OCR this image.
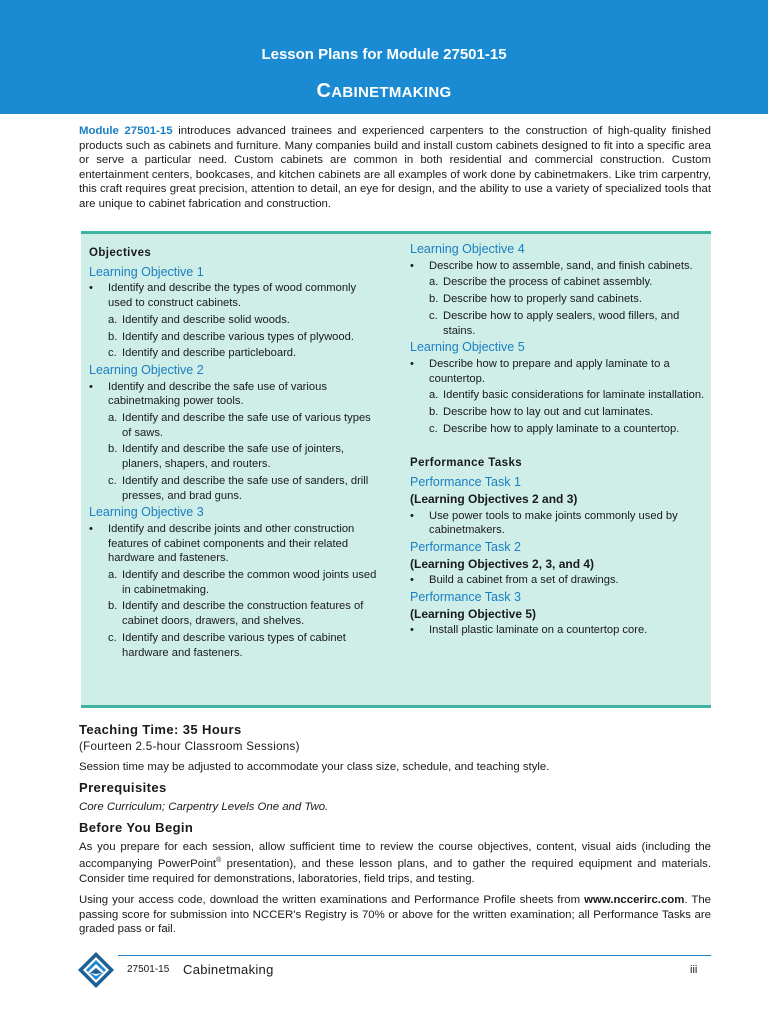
Lesson Plans for Module 27501-15
CABINETMAKING

Module 27501-15 introduces advanced trainees and experienced carpenters to the construction of high-quality finished products such as cabinets and furniture. Many companies build and install custom cabinets designed to fit into a specific area or serve a particular need. Custom cabinets are common in both residential and commercial construction. Custom entertainment centers, bookcases, and kitchen cabinets are all examples of work done by cabinetmakers. Like trim carpentry, this craft requires great precision, attention to detail, an eye for design, and the ability to use a variety of specialized tools that are unique to cabinet fabrication and construction.

Objectives
Learning Objective 1
• Identify and describe the types of wood commonly used to construct cabinets.
a. Identify and describe solid woods.
b. Identify and describe various types of plywood.
c. Identify and describe particleboard.
Learning Objective 2
• Identify and describe the safe use of various cabinetmaking power tools.
a. Identify and describe the safe use of various types of saws.
b. Identify and describe the safe use of jointers, planers, shapers, and routers.
c. Identify and describe the safe use of sanders, drill presses, and brad guns.
Learning Objective 3
• Identify and describe joints and other construction features of cabinet components and their related hardware and fasteners.
a. Identify and describe the common wood joints used in cabinetmaking.
b. Identify and describe the construction features of cabinet doors, drawers, and shelves.
c. Identify and describe various types of cabinet hardware and fasteners.
Learning Objective 4
• Describe how to assemble, sand, and finish cabinets.
a. Describe the process of cabinet assembly.
b. Describe how to properly sand cabinets.
c. Describe how to apply sealers, wood fillers, and stains.
Learning Objective 5
• Describe how to prepare and apply laminate to a countertop.
a. Identify basic considerations for laminate installation.
b. Describe how to lay out and cut laminates.
c. Describe how to apply laminate to a countertop.
Performance Tasks
Performance Task 1
(Learning Objectives 2 and 3)
• Use power tools to make joints commonly used by cabinetmakers.
Performance Task 2
(Learning Objectives 2, 3, and 4)
• Build a cabinet from a set of drawings.
Performance Task 3
(Learning Objective 5)
• Install plastic laminate on a countertop core.
Teaching Time: 35 Hours
(Fourteen 2.5-hour Classroom Sessions)
Session time may be adjusted to accommodate your class size, schedule, and teaching style.
Prerequisites
Core Curriculum; Carpentry Levels One and Two.
Before You Begin

As you prepare for each session, allow sufficient time to review the course objectives, content, visual aids (including the accompanying PowerPoint® presentation), and these lesson plans, and to gather the required equipment and materials. Consider time required for demonstrations, laboratories, field trips, and testing.

Using your access code, download the written examinations and Performance Profile sheets from www.nccerirc.com. The passing score for submission into NCCER’s Registry is 70% or above for the written examination; all Performance Tasks are graded pass or fail.

27501-15 Cabinetmaking	iii
